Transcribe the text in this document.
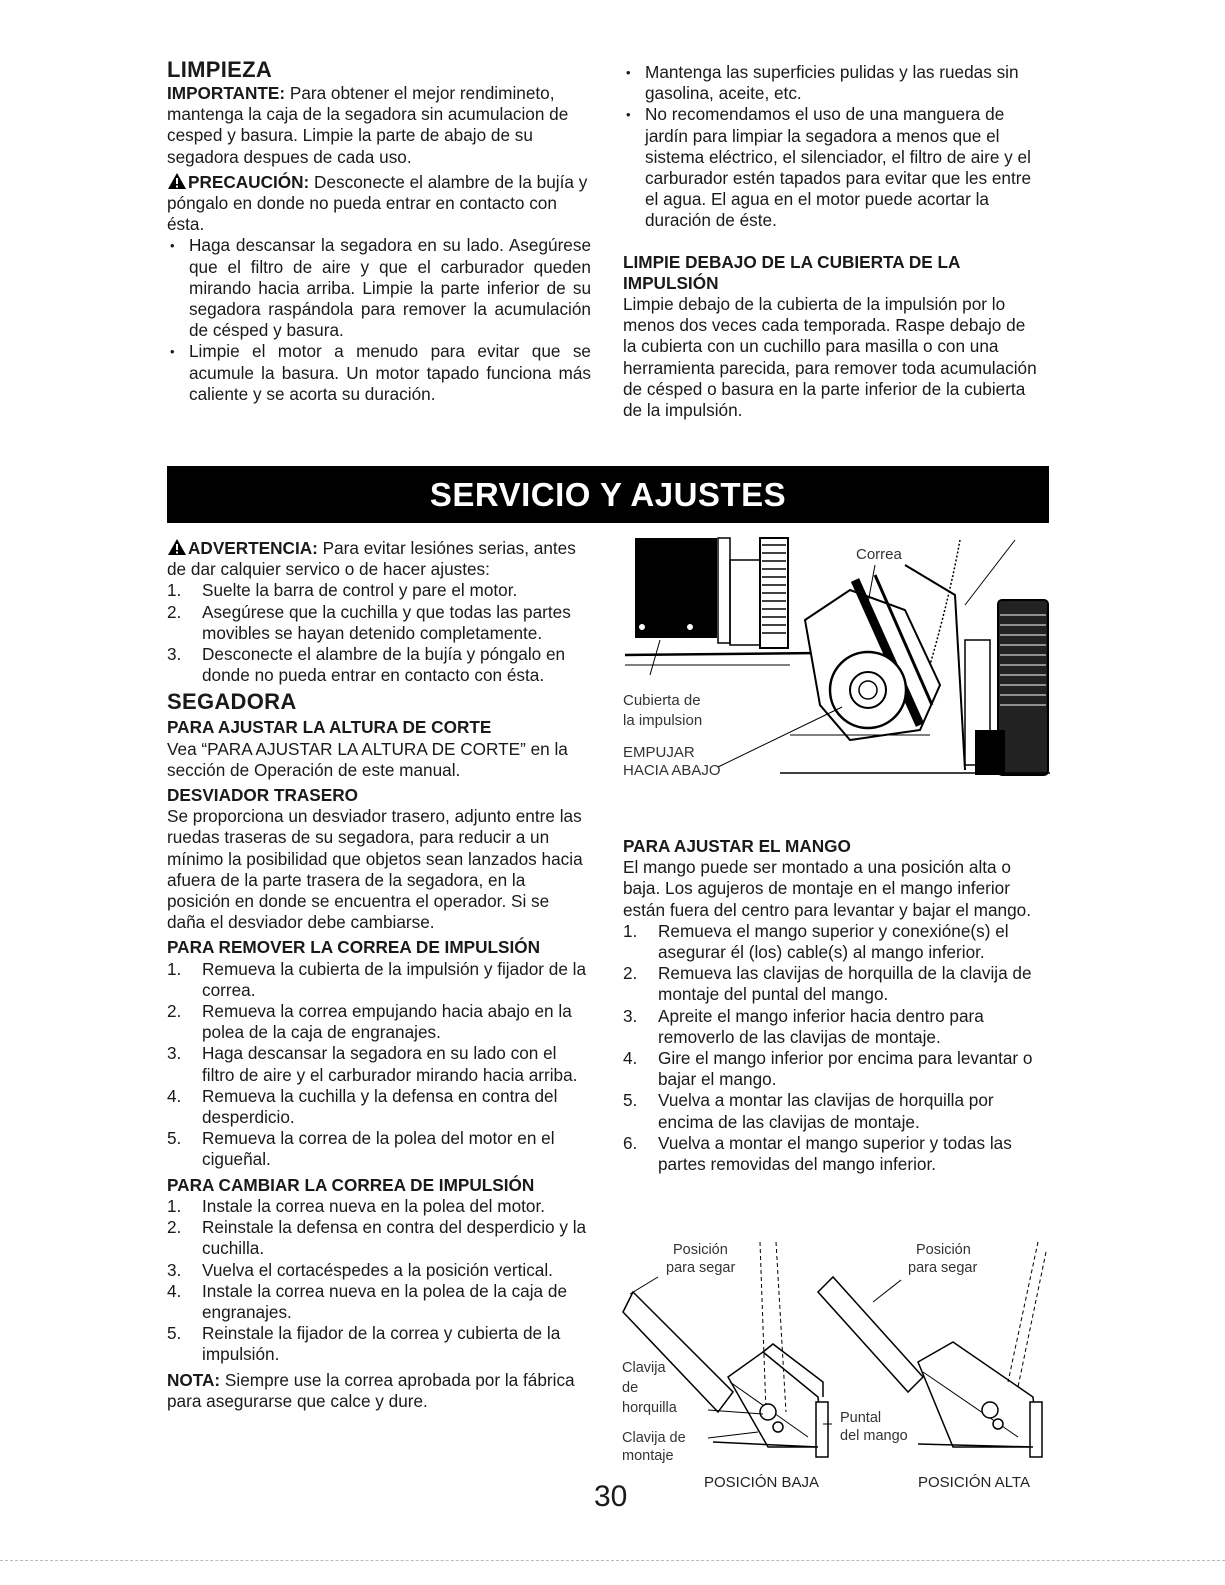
LIMPIEZA

IMPORTANTE: Para obtener el mejor rendimineto, mantenga la caja de la segadora sin acumulacion de cesped y basura. Limpie la parte de abajo de su segadora despues de cada uso.

PRECAUCIÓN: Desconecte el alambre de la bujía y póngalo en donde no pueda entrar en contacto con ésta.

• Haga descansar la segadora en su lado. Asegúrese que el filtro de aire y que el carburador queden mirando hacia arriba. Limpie la parte inferior de su segadora raspándola para remover la acumulación de césped y basura.
• Limpie el motor a menudo para evitar que se acumule la basura. Un motor tapado funciona más caliente y se acorta su duración.
• Mantenga las superficies pulidas y las ruedas sin gasolina, aceite, etc.
• No recomendamos el uso de una manguera de jardín para limpiar la segadora a menos que el sistema eléctrico, el silenciador, el filtro de aire y el carburador estén tapados para evitar que les entre el agua. El agua en el motor puede acortar la duración de éste.
LIMPIE DEBAJO DE LA CUBIERTA DE LA IMPULSIÓN

Limpie debajo de la cubierta de la impulsión por lo menos dos veces cada temporada. Raspe debajo de la cubierta con un cuchillo para masilla o con una herramienta parecida, para remover toda acumulación de césped o basura en la parte inferior de la cubierta de la impulsión.

SERVICIO Y AJUSTES

ADVERTENCIA: Para evitar lesiónes serias, antes de dar calquier servico o de hacer ajustes:

1. Suelte la barra de control y pare el motor.
2. Asegúrese que la cuchilla y que todas las partes movibles se hayan detenido completamente.
3. Desconecte el alambre de la bujía y póngalo en donde no pueda entrar en contacto con ésta.
SEGADORA
PARA AJUSTAR LA ALTURA DE CORTE

Vea “PARA AJUSTAR LA ALTURA DE CORTE” en la sección de Operación de este manual.

DESVIADOR TRASERO

Se proporciona un desviador trasero, adjunto entre las ruedas traseras de su segadora, para reducir a un mínimo la posibilidad que objetos sean lanzados hacia afuera de la parte trasera de la segadora, en la posición en donde se encuentra el operador. Si se daña el desviador debe cambiarse.

PARA REMOVER LA CORREA DE IMPULSIÓN
1. Remueva la cubierta de la impulsión y fijador de la correa.
2. Remueva la correa empujando hacia abajo en la polea de la caja de engranajes.
3. Haga descansar la segadora en su lado con el filtro de aire y el carburador mirando hacia arriba.
4. Remueva la cuchilla y la defensa en contra del desperdicio.
5. Remueva la correa de la polea del motor en el cigueñal.
PARA CAMBIAR LA CORREA DE IMPULSIÓN
1. Instale la correa nueva en la polea del motor.
2. Reinstale la defensa en contra del desperdicio y la cuchilla.
3. Vuelva el cortacéspedes a la posición vertical.
4. Instale la correa nueva en la polea de la caja de engranajes.
5. Reinstale la fijador de la correa y cubierta de la impulsión.

NOTA: Siempre use la correa aprobada por la fábrica para asegurarse que calce y dure.

Correa
Cubierta de
la impulsion
EMPUJAR
HACIA ABAJO
PARA AJUSTAR EL MANGO

El mango puede ser montado a una posición alta o baja. Los agujeros de montaje en el mango inferior están fuera del centro para levantar y bajar el mango.

1. Remueva el mango superior y conexióne(s) el asegurar él (los) cable(s) al mango inferior.
2. Remueva las clavijas de horquilla de la clavija de montaje del puntal del mango.
3. Apreite el mango inferior hacia dentro para removerlo de las clavijas de montaje.
4. Gire el mango inferior por encima para levantar o bajar el mango.
5. Vuelva a montar las clavijas de horquilla por encima de las clavijas de montaje.
6. Vuelva a montar el mango superior y todas las partes removidas del mango inferior.
Posición
para segar
Clavija
de
horquilla
Clavija de
montaje
Puntal
del mango
Posición
para segar
POSICIÓN BAJA	POSICIÓN ALTA
30
